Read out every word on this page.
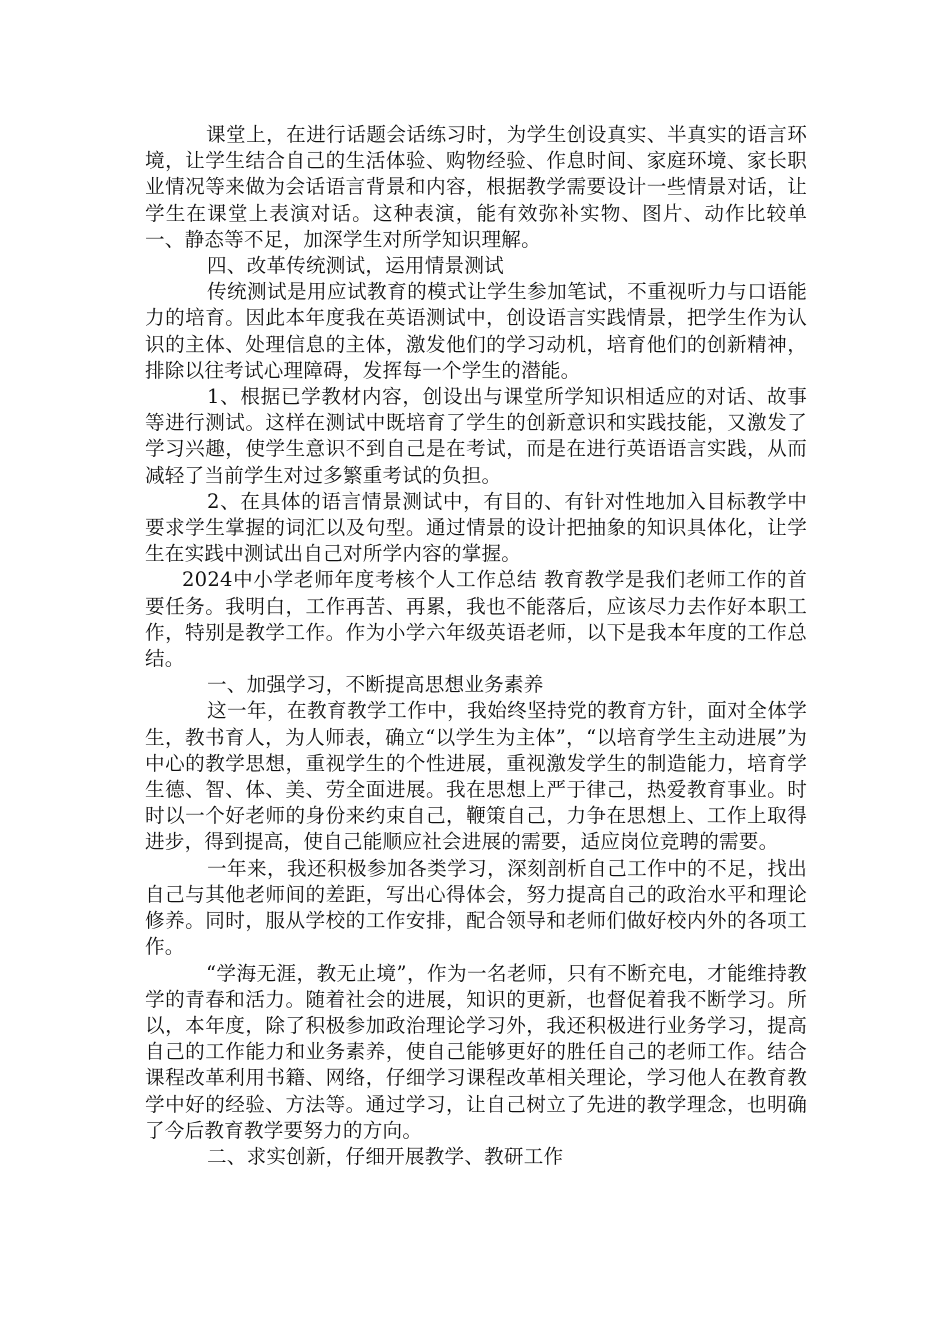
课堂上，在进行话题会话练习时，为学生创设真实、半真实的语言环境，让学生结合自己的生活体验、购物经验、作息时间、家庭环境、家长职业情况等来做为会话语言背景和内容，根据教学需要设计一些情景对话，让学生在课堂上表演对话。这种表演，能有效弥补实物、图片、动作比较单一、静态等不足，加深学生对所学知识理解。

四、改革传统测试，运用情景测试

传统测试是用应试教育的模式让学生参加笔试，不重视听力与口语能力的培育。因此本年度我在英语测试中，创设语言实践情景，把学生作为认识的主体、处理信息的主体，激发他们的学习动机，培育他们的创新精神，排除以往考试心理障碍，发挥每一个学生的潜能。

1、根据已学教材内容，创设出与课堂所学知识相适应的对话、故事等进行测试。这样在测试中既培育了学生的创新意识和实践技能，又激发了学习兴趣，使学生意识不到自己是在考试，而是在进行英语语言实践，从而减轻了当前学生对过多繁重考试的负担。

2、在具体的语言情景测试中，有目的、有针对性地加入目标教学中要求学生掌握的词汇以及句型。通过情景的设计把抽象的知识具体化，让学生在实践中测试出自己对所学内容的掌握。

2024中小学老师年度考核个人工作总结 教育教学是我们老师工作的首要任务。我明白，工作再苦、再累，我也不能落后，应该尽力去作好本职工作，特别是教学工作。作为小学六年级英语老师，以下是我本年度的工作总结。

一、加强学习，不断提高思想业务素养

这一年，在教育教学工作中，我始终坚持党的教育方针，面对全体学生，教书育人，为人师表，确立“以学生为主体”，“以培育学生主动进展”为中心的教学思想，重视学生的个性进展，重视激发学生的制造能力，培育学生德、智、体、美、劳全面进展。我在思想上严于律己，热爱教育事业。时时以一个好老师的身份来约束自己，鞭策自己，力争在思想上、工作上取得进步，得到提高，使自己能顺应社会进展的需要，适应岗位竞聘的需要。

一年来，我还积极参加各类学习，深刻剖析自己工作中的不足，找出自己与其他老师间的差距，写出心得体会，努力提高自己的政治水平和理论修养。同时，服从学校的工作安排，配合领导和老师们做好校内外的各项工作。

“学海无涯，教无止境”，作为一名老师，只有不断充电，才能维持教学的青春和活力。随着社会的进展，知识的更新，也督促着我不断学习。所以，本年度，除了积极参加政治理论学习外，我还积极进行业务学习，提高自己的工作能力和业务素养，使自己能够更好的胜任自己的老师工作。结合课程改革利用书籍、网络，仔细学习课程改革相关理论，学习他人在教育教学中好的经验、方法等。通过学习，让自己树立了先进的教学理念，也明确了今后教育教学要努力的方向。

二、求实创新，仔细开展教学、教研工作
